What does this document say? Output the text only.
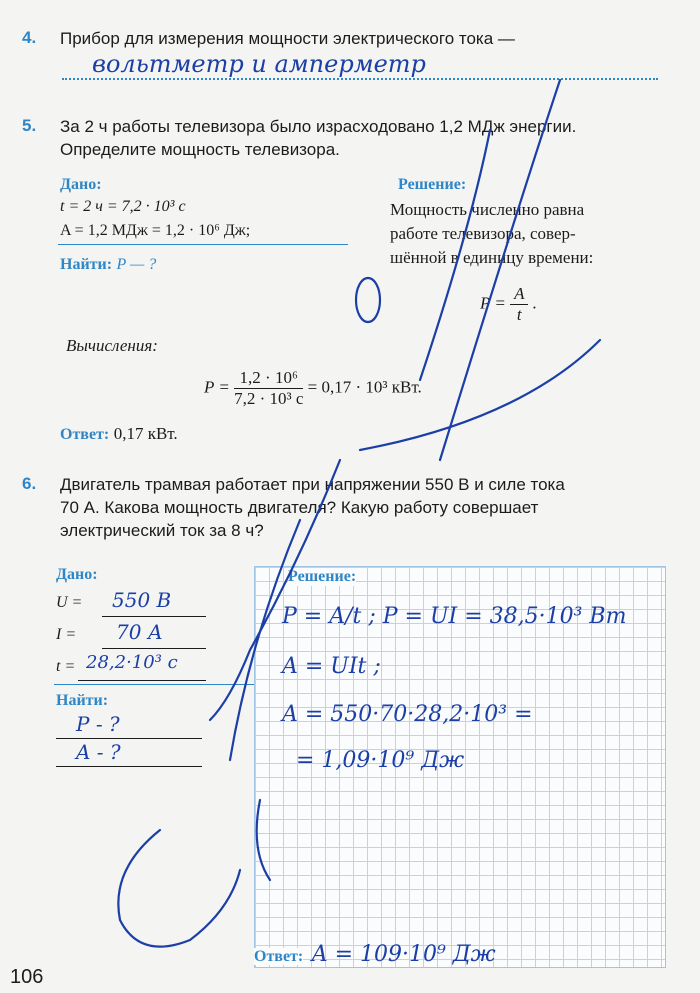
4. Прибор для измерения мощности электрического тока —
вольтметр и амперметр
5. За 2 ч работы телевизора было израсходовано 1,2 МДж энергии.
Определите мощность телевизора.
Дано:
t = 2 ч = 7,2 · 10³ с
A = 1,2 МДж = 1,2 · 10⁶ Дж;
Найти: P — ?
Решение:
Мощность численно равна
работе телевизора, совер-
шённой в единицу времени:
$P = \frac{A}{t}$ .
Вычисления:
$P = \frac{\text{1,2 · 10⁶}}{\text{7,2 · 10³ с}} = 0,17 \cdot 10^3$ кВт.
Ответ: 0,17 кВт.
6. Двигатель трамвая работает при напряжении 550 В и силе тока
70 А. Какова мощность двигателя? Какую работу совершает
электрический ток за 8 ч?
Дано:
U = 550 В
I = 70 А
t = 28,2·10³ с
Найти:
P - ?
A - ?
Решение:
P = A/t ; P = UI = 38,5·10³ Вт
A = UIt ;
A = 550·70·28,2·10³ =
= 1,09·10⁹ Дж
Ответ: A = 109·10⁹ Дж
106
